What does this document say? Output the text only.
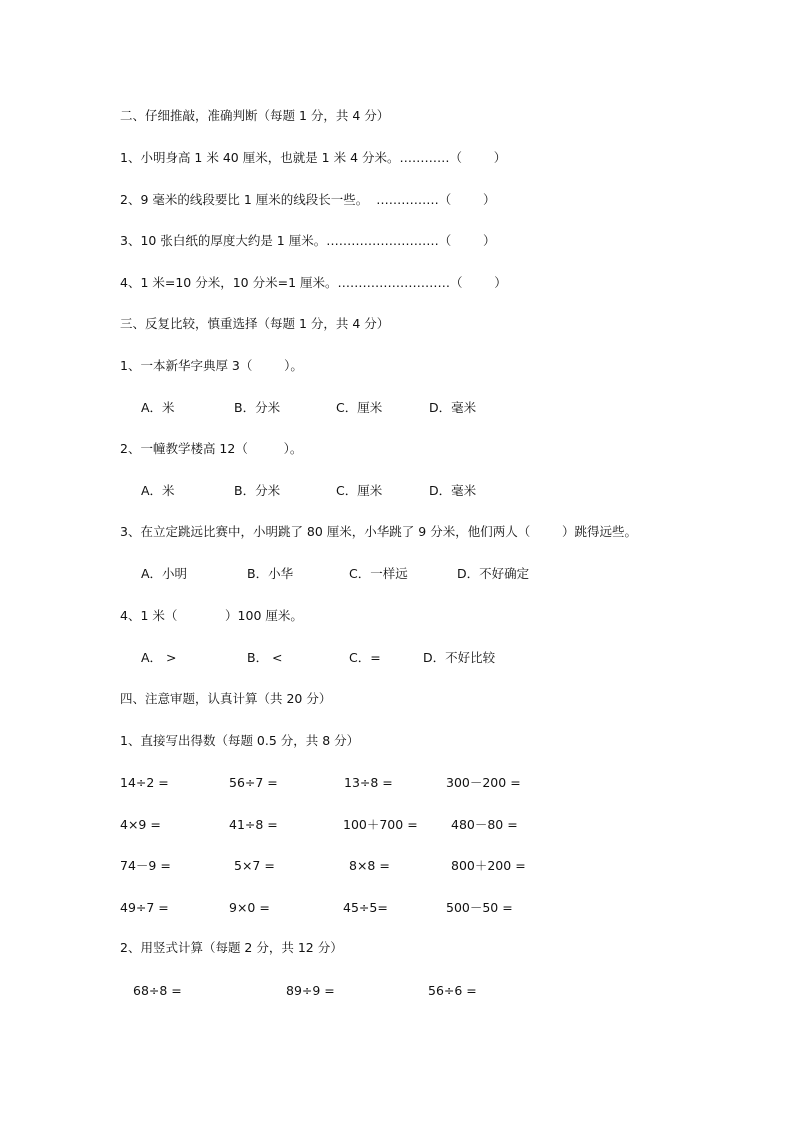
二、仔细推敲，准确判断（每题 1 分，共 4 分）
1、小明身高 1 米 40 厘米，也就是 1 米 4 分米。…………（        ）
2、9 毫米的线段要比 1 厘米的线段长一些。  ……………（        ）
3、10 张白纸的厚度大约是 1 厘米。………………………（        ）
4、1 米=10 分米，10 分米=1 厘米。………………………（        ）
三、反复比较，慎重选择（每题 1 分，共 4 分）
1、一本新华字典厚 3（        ）。
A．米	B．分米	C．厘米	D．毫米
2、一幢教学楼高 12（         ）。
A．米	B．分米	C．厘米	D．毫米
3、在立定跳远比赛中，小明跳了 80 厘米，小华跳了 9 分米，他们两人（        ）跳得远些。
A．小明	B．小华	C．一样远	D．不好确定
4、1 米（            ）100 厘米。
A． >	B． <	C．=	D．不好比较
四、注意审题，认真计算（共 20 分）
1、直接写出得数（每题 0.5 分，共 8 分）
14÷2 =	56÷7 =	13÷8 =	300－200 =
4×9 =	41÷8 =	100＋700 =	480－80 =
74－9 =	5×7 =	8×8 =	800＋200 =
49÷7 =	9×0 =	45÷5=	500－50 =
2、用竖式计算（每题 2 分，共 12 分）
68÷8 =	89÷9 =	56÷6 =
